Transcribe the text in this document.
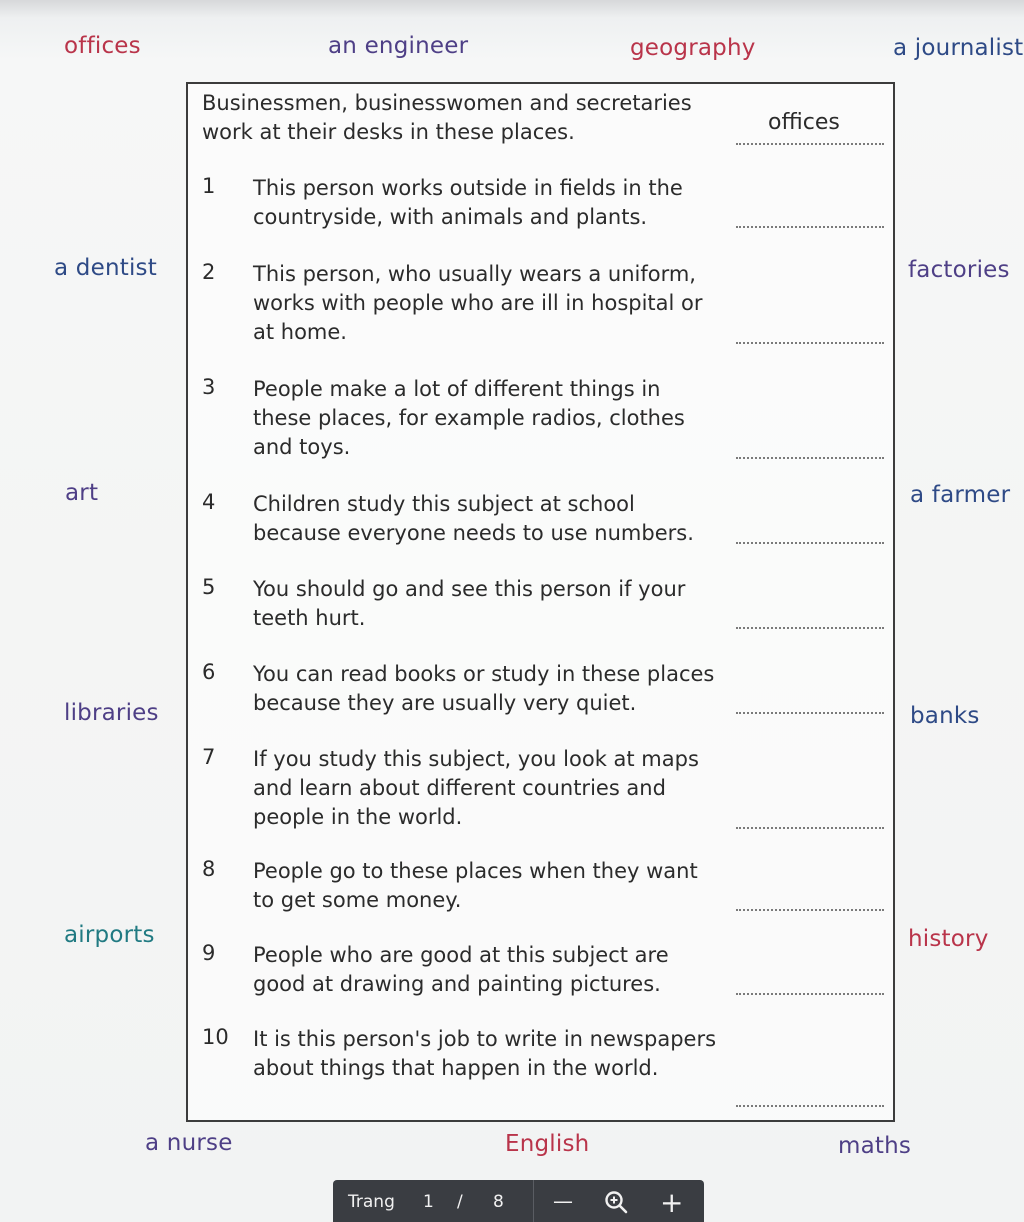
offices	an engineer	geography	a journalist
a dentist	factories
art	a farmer
libraries	banks
airports	history
a nurse	English	maths
Businessmen, businesswomen and secretaries work at their desks in these places.	offices
1 This person works outside in fields in the countryside, with animals and plants.
2 This person, who usually wears a uniform, works with people who are ill in hospital or at home.
3 People make a lot of different things in these places, for example radios, clothes and toys.
4 Children study this subject at school because everyone needs to use numbers.
5 You should go and see this person if your teeth hurt.
6 You can read books or study in these places because they are usually very quiet.
7 If you study this subject, you look at maps and learn about different countries and people in the world.
8 People go to these places when they want to get some money.
9 People who are good at this subject are good at drawing and painting pictures.
10 It is this person's job to write in newspapers about things that happen in the world.
Trang 1 / 8 —	+
